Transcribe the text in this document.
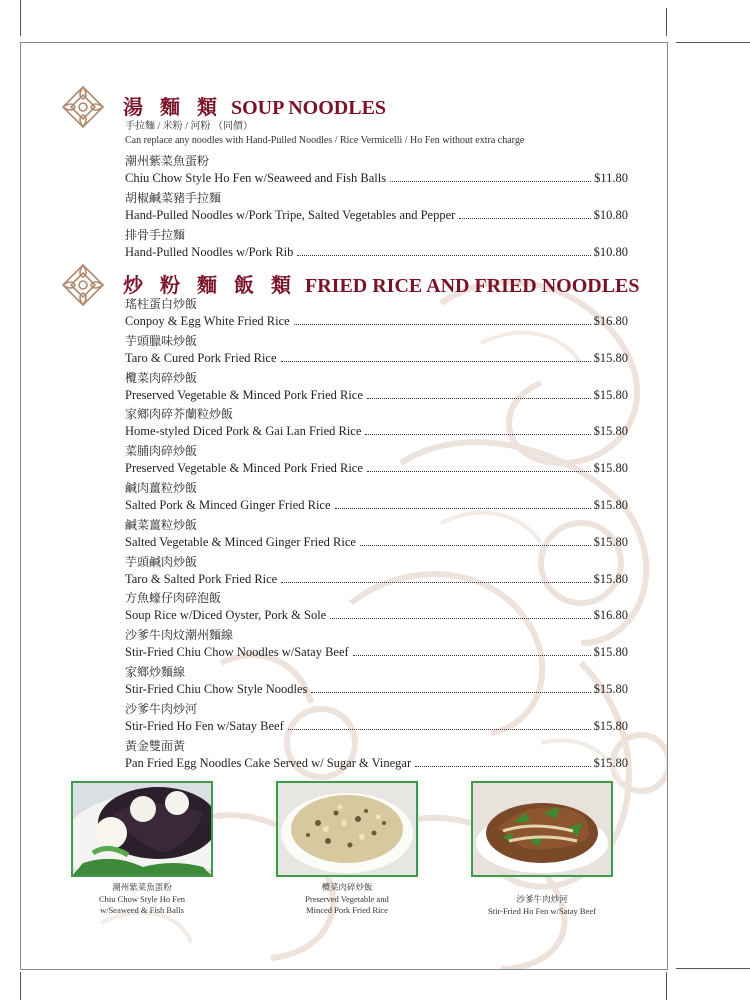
湯 麵 類 SOUP NOODLES
手拉麵 / 米粉 / 河粉 （同價）
Can replace any noodles with Hand-Pulled Noodles / Rice Vermicelli / Ho Fen without extra charge
潮州紫菜魚蛋粉
Chiu Chow Style Ho Fen w/Seaweed and Fish Balls	$11.80
胡椒鹹菜豬手拉麵
Hand-Pulled Noodles w/Pork Tripe, Salted Vegetables and Pepper	$10.80
排骨手拉麵
Hand-Pulled Noodles w/Pork Rib	$10.80
炒 粉 麵 飯 類 FRIED RICE AND FRIED NOODLES
瑤柱蛋白炒飯
Conpoy & Egg White Fried Rice	$16.80
芋頭臘味炒飯
Taro & Cured Pork Fried Rice	$15.80
欖菜肉碎炒飯
Preserved Vegetable & Minced Pork Fried Rice	$15.80
家鄉肉碎芥蘭粒炒飯
Home-styled Diced Pork & Gai Lan Fried Rice	$15.80
菜脯肉碎炒飯
Preserved Vegetable & Minced Pork Fried Rice	$15.80
鹹肉薑粒炒飯
Salted Pork & Minced Ginger Fried Rice	$15.80
鹹菜薑粒炒飯
Salted Vegetable & Minced Ginger Fried Rice	$15.80
芋頭鹹肉炒飯
Taro & Salted Pork Fried Rice	$15.80
方魚蠔仔肉碎泡飯
Soup Rice w/Diced Oyster, Pork & Sole	$16.80
沙爹牛肉炆潮州麵線
Stir-Fried Chiu Chow Noodles w/Satay Beef	$15.80
家鄉炒麵線
Stir-Fried Chiu Chow Style Noodles	$15.80
沙爹牛肉炒河
Stir-Fried Ho Fen w/Satay Beef	$15.80
黃金雙面黃
Pan Fried Egg Noodles Cake Served w/ Sugar & Vinegar	$15.80
潮州紫菜魚蛋粉
Chiu Chow Style Ho Fen
w/Seaweed & Fish Balls
欖菜肉碎炒飯
Preserved Vegetable and
Minced Pork Fried Rice
沙爹牛肉炒河
Stir-Fried Ho Fen w/Satay Beef
